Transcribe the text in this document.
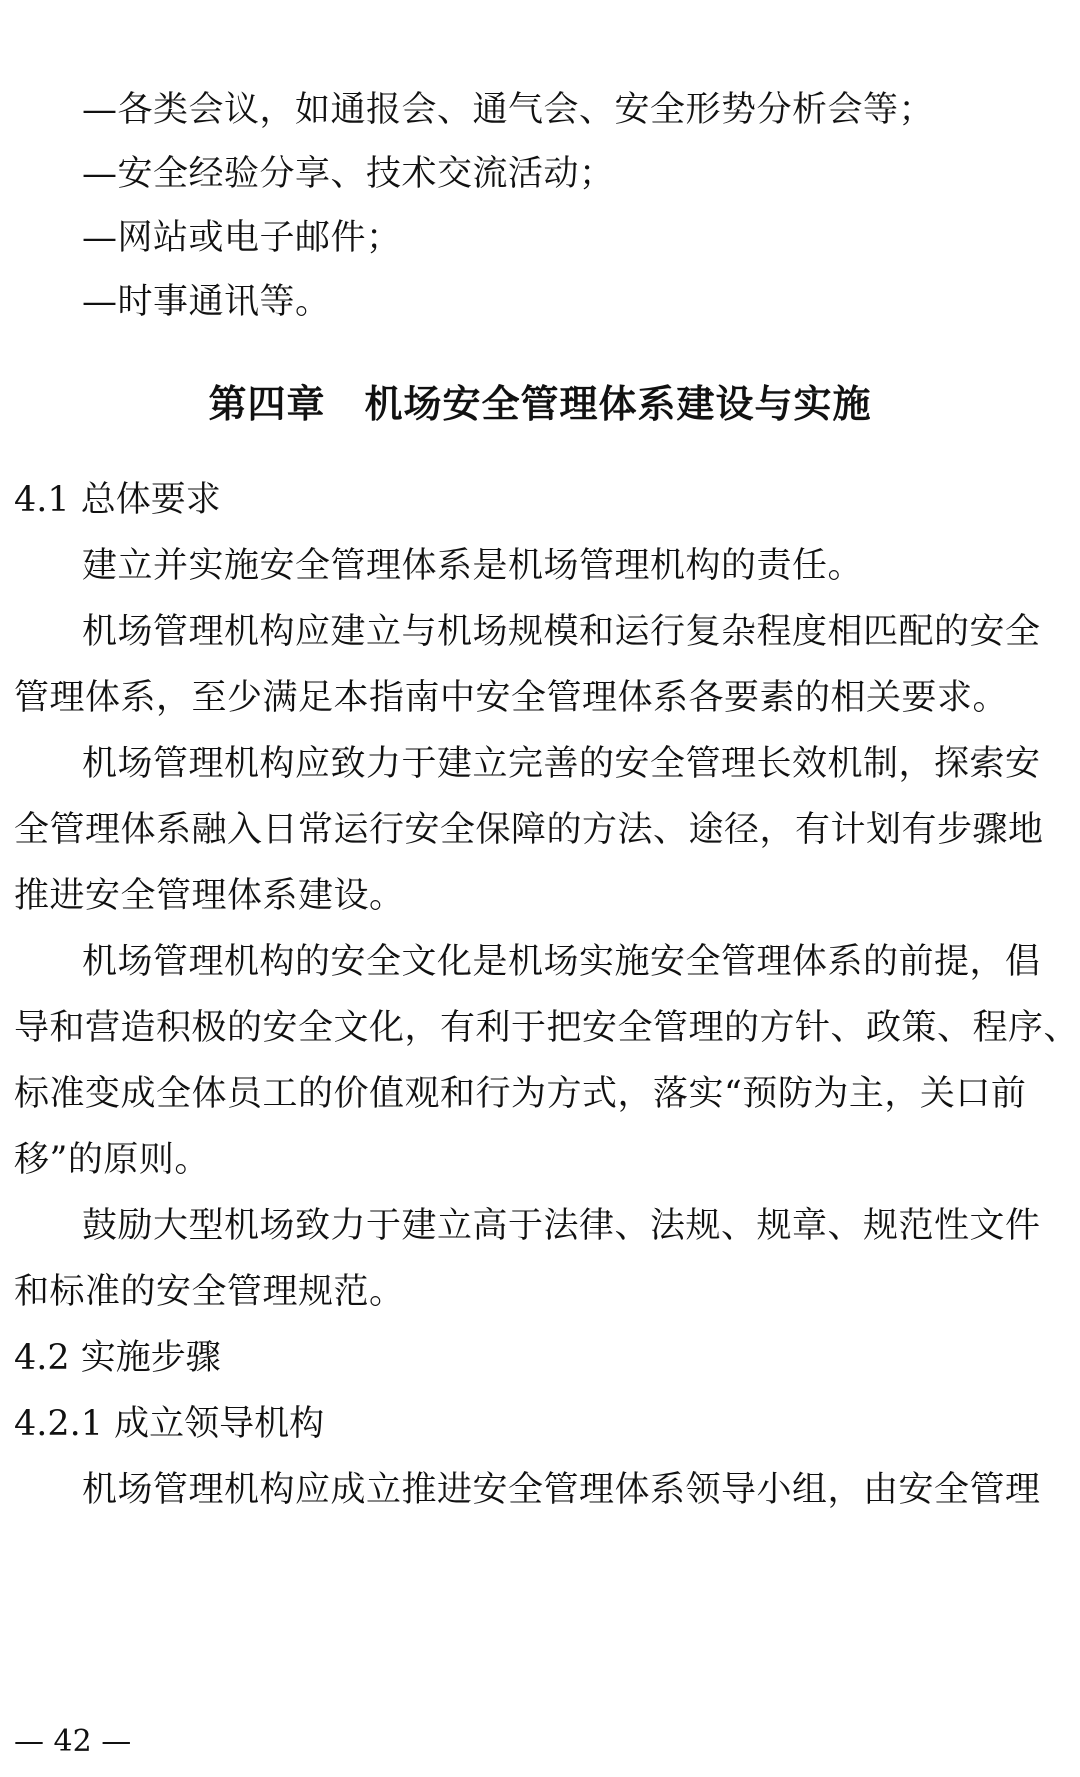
—各类会议，如通报会、通气会、安全形势分析会等；
—安全经验分享、技术交流活动；
—网站或电子邮件；
—时事通讯等。
第四章　机场安全管理体系建设与实施
4.1 总体要求
建立并实施安全管理体系是机场管理机构的责任。
机场管理机构应建立与机场规模和运行复杂程度相匹配的安全
管理体系，至少满足本指南中安全管理体系各要素的相关要求。
机场管理机构应致力于建立完善的安全管理长效机制，探索安
全管理体系融入日常运行安全保障的方法、途径，有计划有步骤地
推进安全管理体系建设。
机场管理机构的安全文化是机场实施安全管理体系的前提，倡
导和营造积极的安全文化，有利于把安全管理的方针、政策、程序、
标准变成全体员工的价值观和行为方式，落实“预防为主，关口前
移”的原则。
鼓励大型机场致力于建立高于法律、法规、规章、规范性文件
和标准的安全管理规范。
4.2 实施步骤
4.2.1 成立领导机构
机场管理机构应成立推进安全管理体系领导小组，由安全管理
— 42 —
